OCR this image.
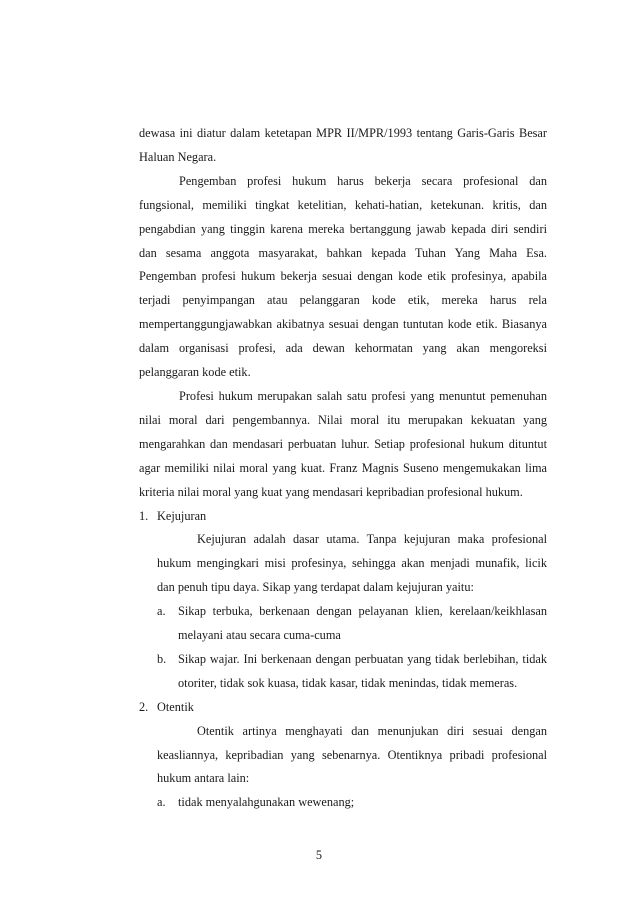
dewasa ini diatur dalam ketetapan MPR II/MPR/1993 tentang Garis-Garis Besar Haluan Negara.

Pengemban profesi hukum harus bekerja secara profesional dan fungsional, memiliki tingkat ketelitian, kehati-hatian, ketekunan. kritis, dan pengabdian yang tinggin karena mereka bertanggung jawab kepada diri sendiri dan sesama anggota masyarakat, bahkan kepada Tuhan Yang Maha Esa. Pengemban profesi hukum bekerja sesuai dengan kode etik profesinya, apabila terjadi penyimpangan atau pelanggaran kode etik, mereka harus rela mempertanggungjawabkan akibatnya sesuai dengan tuntutan kode etik. Biasanya dalam organisasi profesi, ada dewan kehormatan yang akan mengoreksi pelanggaran kode etik.

Profesi hukum merupakan salah satu profesi yang menuntut pemenuhan nilai moral dari pengembannya. Nilai moral itu merupakan kekuatan yang mengarahkan dan mendasari perbuatan luhur. Setiap profesional hukum dituntut agar memiliki nilai moral yang kuat. Franz Magnis Suseno mengemukakan lima kriteria nilai moral yang kuat yang mendasari kepribadian profesional hukum.

1. Kejujuran

Kejujuran adalah dasar utama. Tanpa kejujuran maka profesional hukum mengingkari misi profesinya, sehingga akan menjadi munafik, licik dan penuh tipu daya. Sikap yang terdapat dalam kejujuran yaitu:

a. Sikap terbuka, berkenaan dengan pelayanan klien, kerelaan/keikhlasan melayani atau secara cuma-cuma
b. Sikap wajar. Ini berkenaan dengan perbuatan yang tidak berlebihan, tidak otoriter, tidak sok kuasa, tidak kasar, tidak menindas, tidak memeras.
2. Otentik

Otentik artinya menghayati dan menunjukan diri sesuai dengan keasliannya, kepribadian yang sebenarnya. Otentiknya pribadi profesional hukum antara lain:

a. tidak menyalahgunakan wewenang;
5
